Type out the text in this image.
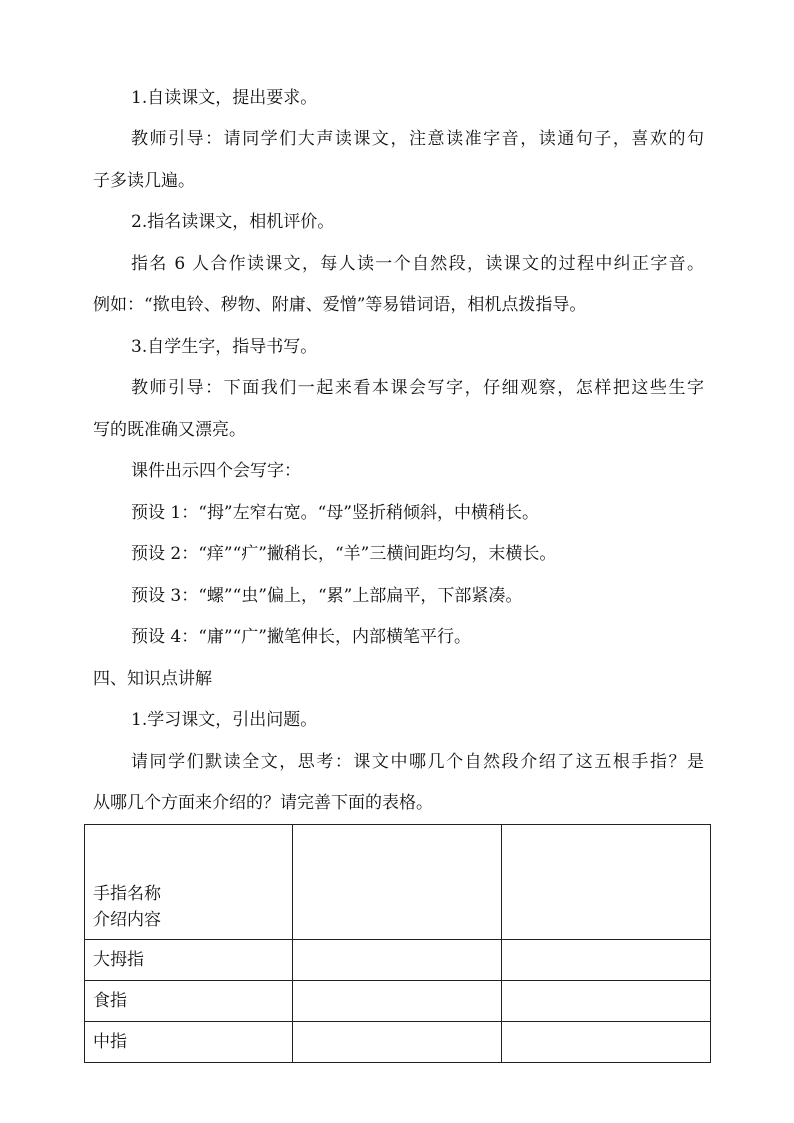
1.自读课文，提出要求。
教师引导：请同学们大声读课文，注意读准字音，读通句子，喜欢的句
子多读几遍。
2.指名读课文，相机评价。
指名 6 人合作读课文，每人读一个自然段，读课文的过程中纠正字音。
例如：“揿电铃、秽物、附庸、爱憎”等易错词语，相机点拨指导。
3.自学生字，指导书写。
教师引导：下面我们一起来看本课会写字，仔细观察，怎样把这些生字
写的既准确又漂亮。
课件出示四个会写字：
预设 1：“拇”左窄右宽。“母”竖折稍倾斜，中横稍长。
预设 2：“痒”“疒”撇稍长，“羊”三横间距均匀，末横长。
预设 3：“螺”“虫”偏上，“累”上部扁平，下部紧凑。
预设 4：“庸”“广”撇笔伸长，内部横笔平行。
四、知识点讲解
1.学习课文，引出问题。
请同学们默读全文，思考：课文中哪几个自然段介绍了这五根手指？是
从哪几个方面来介绍的？请完善下面的表格。
手指名称
介绍内容		

大拇指		
食指		
中指		
